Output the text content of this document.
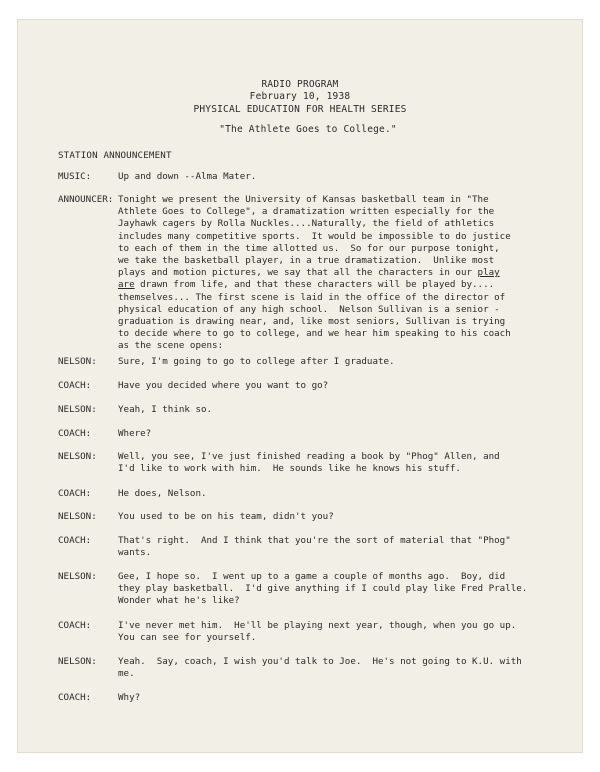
RADIO PROGRAM
February 10, 1938
PHYSICAL EDUCATION FOR HEALTH SERIES
"The Athlete Goes to College."
STATION ANNOUNCEMENT
MUSIC:	Up and down --Alma Mater.
ANNOUNCER: Tonight we present the University of Kansas basketball team in "The
Athlete Goes to College", a dramatization written especially for the
Jayhawk cagers by Rolla Nuckles....Naturally, the field of athletics
includes many competitive sports.  It would be impossible to do justice
to each of them in the time allotted us.  So for our purpose tonight,
we take the basketball player, in a true dramatization.  Unlike most
plays and motion pictures, we say that all the characters in our play
are drawn from life, and that these characters will be played by....
themselves... The first scene is laid in the office of the director of
physical education of any high school.  Nelson Sullivan is a senior -
graduation is drawing near, and, like most seniors, Sullivan is trying
to decide where to go to college, and we hear him speaking to his coach
as the scene opens:
NELSON: Sure, I'm going to go to college after I graduate.
COACH:	Have you decided where you want to go?
NELSON: Yeah, I think so.
COACH:	Where?
NELSON: Well, you see, I've just finished reading a book by "Phog" Allen, and
I'd like to work with him.  He sounds like he knows his stuff.
COACH:	He does, Nelson.
NELSON: You used to be on his team, didn't you?
COACH:	That's right.  And I think that you're the sort of material that "Phog"
wants.
NELSON: Gee, I hope so.  I went up to a game a couple of months ago.  Boy, did
they play basketball.  I'd give anything if I could play like Fred Pralle.
Wonder what he's like?
COACH:	I've never met him.  He'll be playing next year, though, when you go up.
You can see for yourself.
NELSON: Yeah.  Say, coach, I wish you'd talk to Joe.  He's not going to K.U. with
me.
COACH:	Why?
